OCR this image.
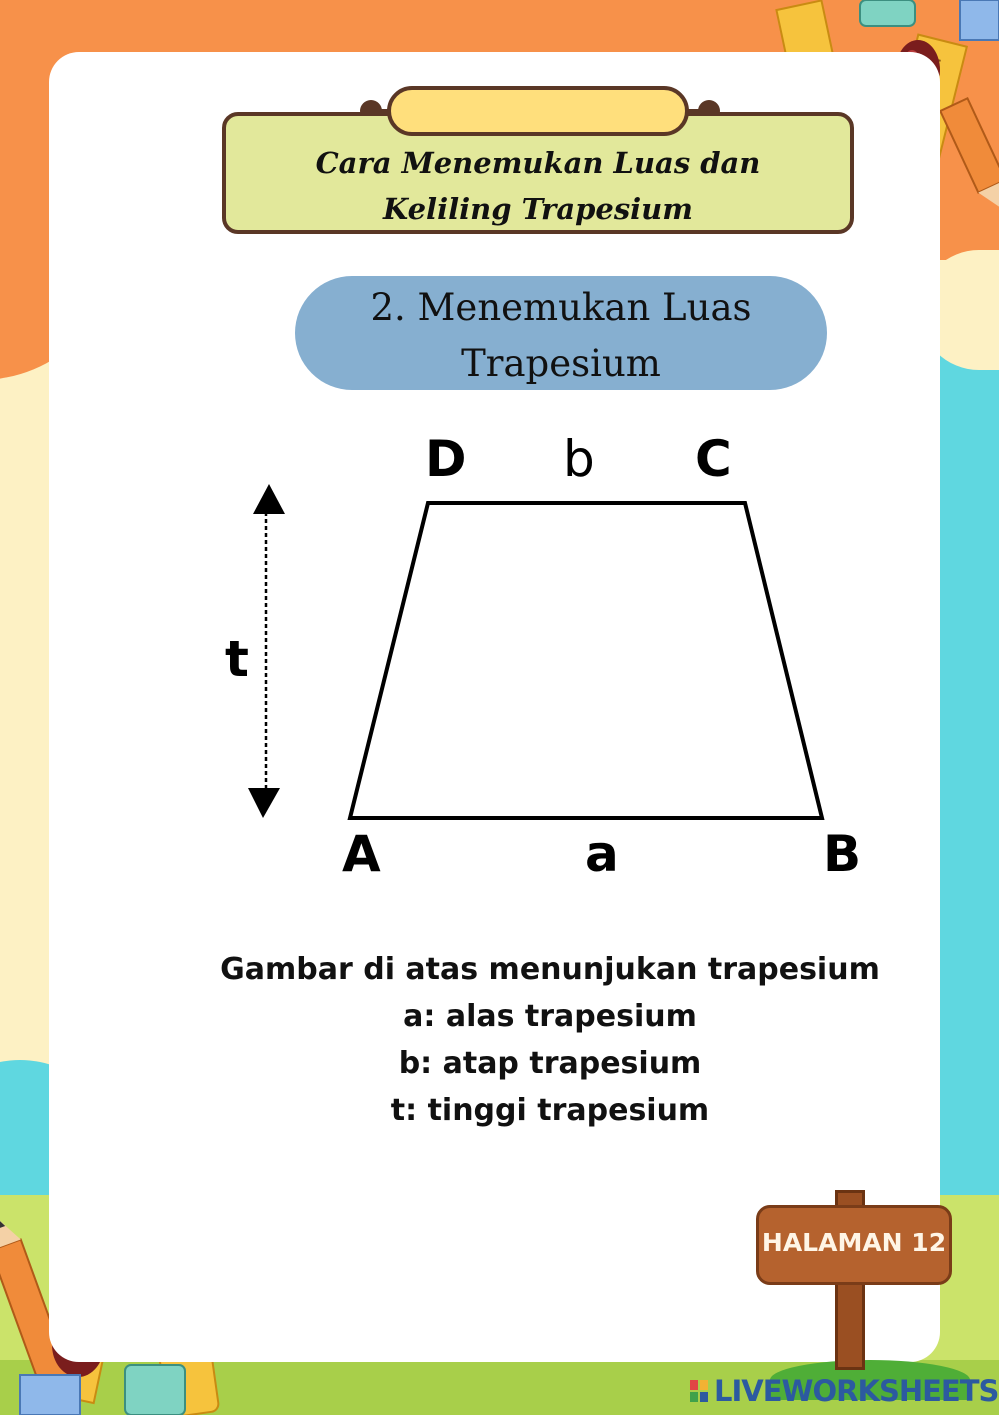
Cara Menemukan Luas dan
Keliling Trapesium
2. Menemukan Luas
Trapesium
D b C
t
A	a	B
Gambar di atas menunjukan trapesium
a: alas trapesium
b: atap trapesium
t: tinggi trapesium
HALAMAN 12
LIVEWORKSHEETS
